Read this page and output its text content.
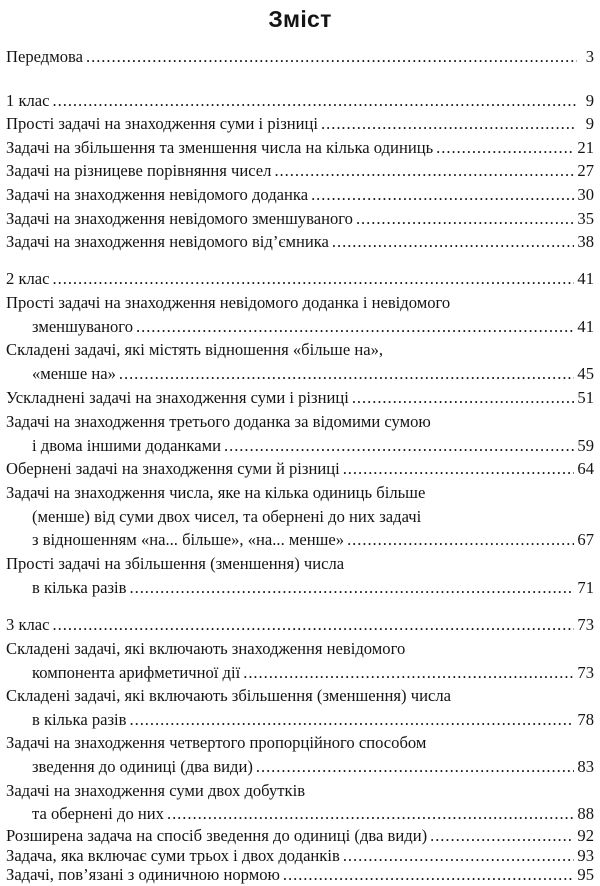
Зміст
Передмова . . .	3
1 клас . . .	9
Прості задачі на знаходження суми і різниці . . .	9
Задачі на збільшення та зменшення числа на кілька одиниць . . .	21
Задачі на різницеве порівняння чисел . . .	27
Задачі на знаходження невідомого доданка . . .	30
Задачі на знаходження невідомого зменшуваного . . .	35
Задачі на знаходження невідомого від’ємника . . .	38
2 клас . . .	41
Прості задачі на знаходження невідомого доданка і невідомого
зменшуваного . . .	41
Складені задачі, які містять відношення «більше на»,
«менше на» . . .	45
Ускладнені задачі на знаходження суми і різниці . . .	51
Задачі на знаходження третього доданка за відомими сумою
і двома іншими доданками . . .	59
Обернені задачі на знаходження суми й різниці . . .	64
Задачі на знаходження числа, яке на кілька одиниць більше
(менше) від суми двох чисел, та обернені до них задачі
з відношенням «на... більше», «на... менше» . . .	67
Прості задачі на збільшення (зменшення) числа
в кілька разів . . .	71
3 клас . . .	73
Складені задачі, які включають знаходження невідомого
компонента арифметичної дії . . .	73
Складені задачі, які включають збільшення (зменшення) числа
в кілька разів . . .	78
Задачі на знаходження четвертого пропорційного способом
зведення до одиниці (два види) . . .	83
Задачі на знаходження суми двох добутків
та обернені до них . . .	88
Розширена задача на спосіб зведення до одиниці (два види) . . .	92
Задача, яка включає суми трьох і двох доданків . . .	93
Задачі, пов’язані з одиничною нормою . . .	95
